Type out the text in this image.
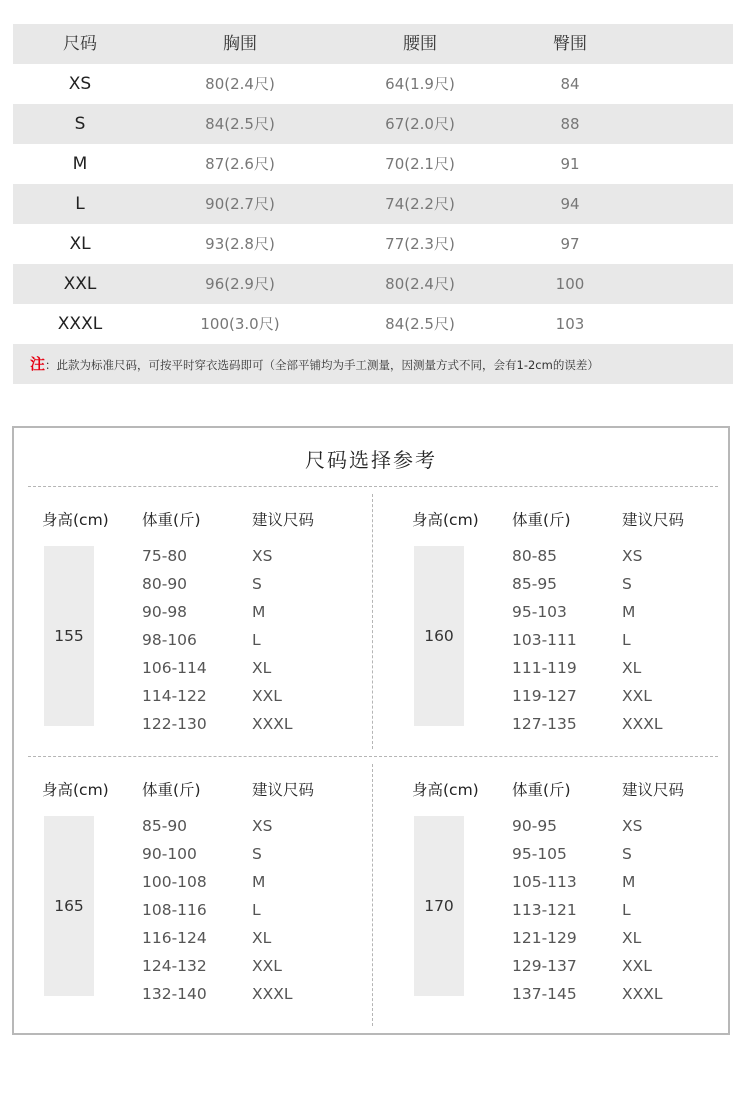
尺码	胸围	腰围	臀围
XS	80(2.4尺)	64(1.9尺)	84
S	84(2.5尺)	67(2.0尺)	88
M	87(2.6尺)	70(2.1尺)	91
L	90(2.7尺)	74(2.2尺)	94
XL	93(2.8尺)	77(2.3尺)	97
XXL	96(2.9尺)	80(2.4尺)	100
XXXL	100(3.0尺)	84(2.5尺)	103
注：此款为标准尺码，可按平时穿衣选码即可（全部平铺均为手工测量，因测量方式不同，会有1-2cm的误差）
尺码选择参考
身高(cm) 体重(斤)	建议尺码
155
75-80	XS
80-90	S
90-98	M
98-106	L
106-114	XL
114-122	XXL
122-130	XXXL
身高(cm) 体重(斤)	建议尺码
160
80-85	XS
85-95	S
95-103	M
103-111	L
111-119	XL
119-127	XXL
127-135	XXXL
身高(cm) 体重(斤)	建议尺码
165
85-90	XS
90-100	S
100-108	M
108-116	L
116-124	XL
124-132	XXL
132-140	XXXL
身高(cm) 体重(斤)	建议尺码
170
90-95	XS
95-105	S
105-113	M
113-121	L
121-129	XL
129-137	XXL
137-145	XXXL
